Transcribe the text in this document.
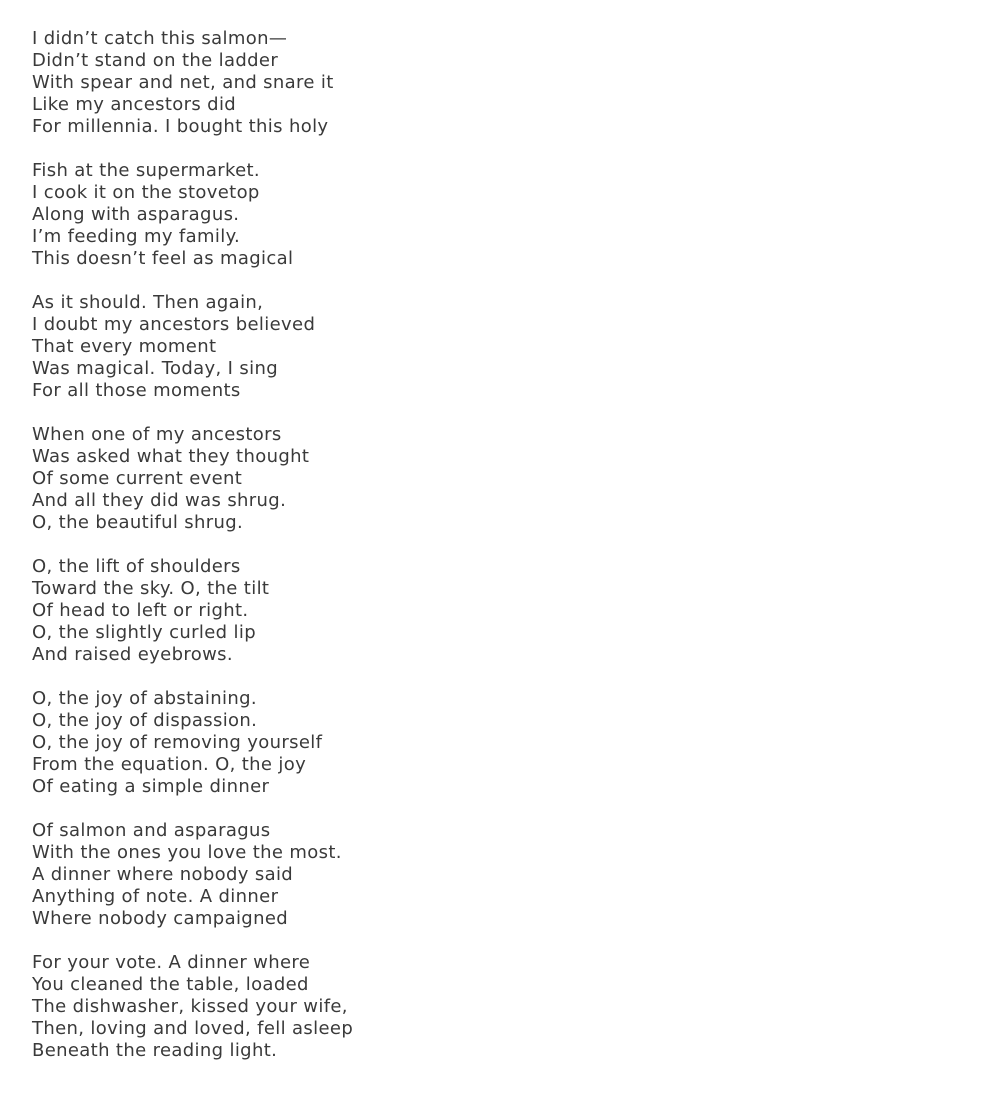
I didn’t catch this salmon—
Didn’t stand on the ladder
With spear and net, and snare it
Like my ancestors did
For millennia. I bought this holy
Fish at the supermarket.
I cook it on the stovetop
Along with asparagus.
I’m feeding my family.
This doesn’t feel as magical
As it should. Then again,
I doubt my ancestors believed
That every moment
Was magical. Today, I sing
For all those moments
When one of my ancestors
Was asked what they thought
Of some current event
And all they did was shrug.
O, the beautiful shrug.
O, the lift of shoulders
Toward the sky. O, the tilt
Of head to left or right.
O, the slightly curled lip
And raised eyebrows.
O, the joy of abstaining.
O, the joy of dispassion.
O, the joy of removing yourself
From the equation. O, the joy
Of eating a simple dinner
Of salmon and asparagus
With the ones you love the most.
A dinner where nobody said
Anything of note. A dinner
Where nobody campaigned
For your vote. A dinner where
You cleaned the table, loaded
The dishwasher, kissed your wife,
Then, loving and loved, fell asleep
Beneath the reading light.
